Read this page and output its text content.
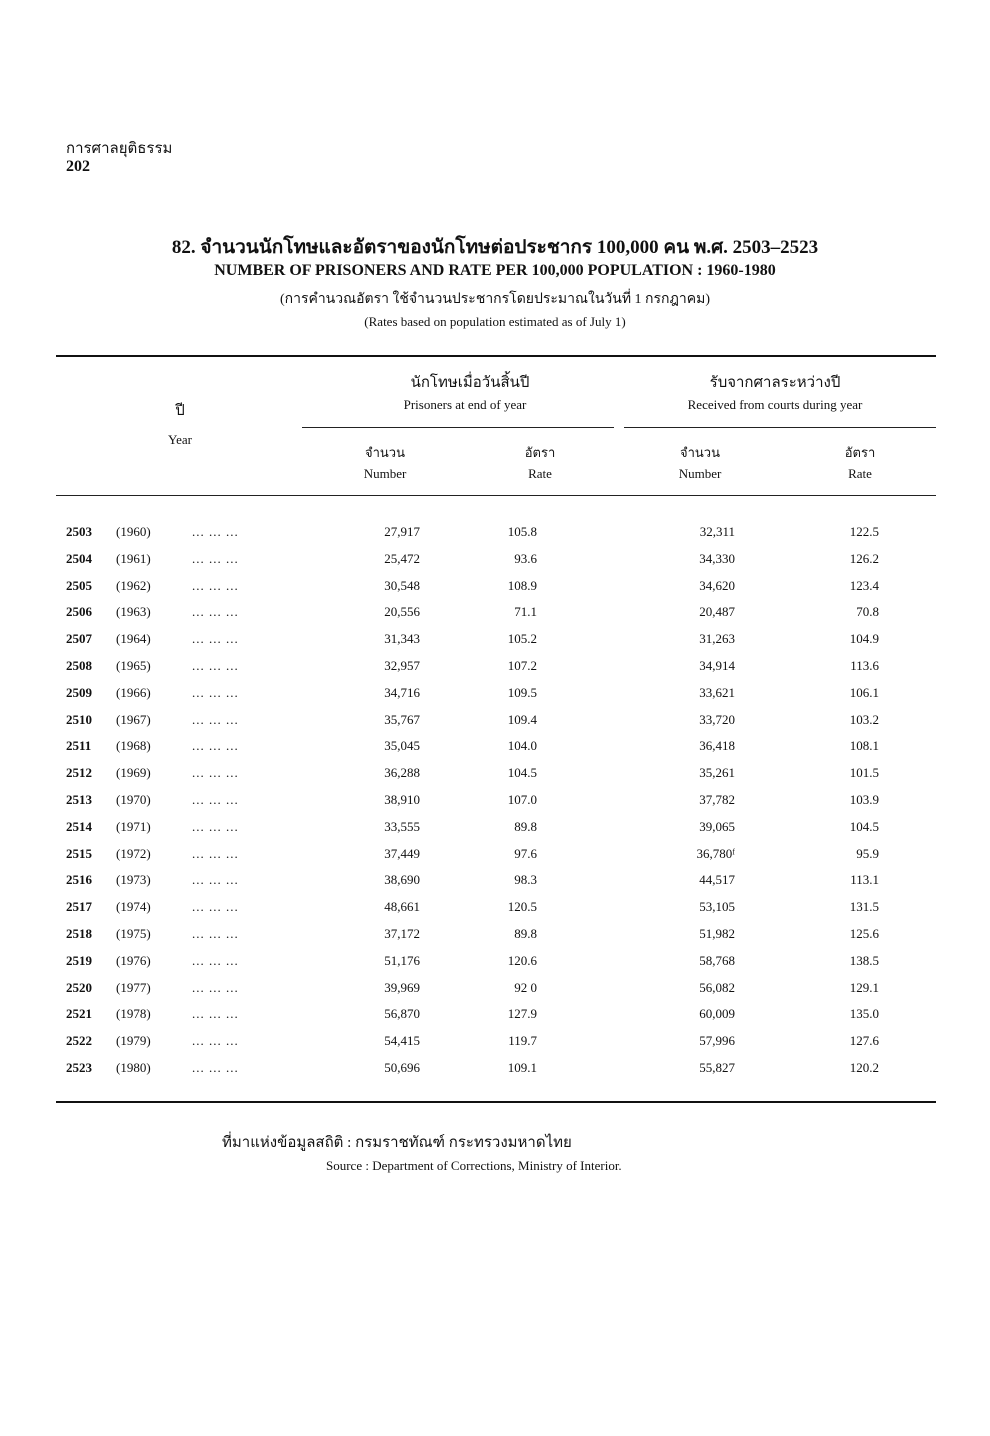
การศาลยุติธรรม
202
82. จำนวนนักโทษและอัตราของนักโทษต่อประชากร 100,000 คน พ.ศ. 2503–2523
NUMBER OF PRISONERS AND RATE PER 100,000 POPULATION : 1960-1980
(การคำนวณอัตรา ใช้จำนวนประชากรโดยประมาณในวันที่ 1 กรกฎาคม)
(Rates based on population estimated as of July 1)
ปี
Year
นักโทษเมื่อวันสิ้นปี
Prisoners at end of year
รับจากศาลระหว่างปี
Received from courts during year
จำนวน
Number
อัตรา
Rate
จำนวน
Number
อัตรา
Rate
2503 (1960)	... ... ...	27,917	105.8	32,311	122.5
2504 (1961)	... ... ...	25,472	93.6	34,330	126.2
2505 (1962)	... ... ...	30,548	108.9	34,620	123.4
2506 (1963)	... ... ...	20,556	71.1	20,487	70.8
2507 (1964)	... ... ...	31,343	105.2	31,263	104.9
2508 (1965)	... ... ...	32,957	107.2	34,914	113.6
2509 (1966)	... ... ...	34,716	109.5	33,621	106.1
2510 (1967)	... ... ...	35,767	109.4	33,720	103.2
2511 (1968)	... ... ...	35,045	104.0	36,418	108.1
2512 (1969)	... ... ...	36,288	104.5	35,261	101.5
2513 (1970)	... ... ...	38,910	107.0	37,782	103.9
2514 (1971)	... ... ...	33,555	89.8	39,065	104.5
2515 (1972)	... ... ...	37,449	97.6	36,780ᶠ	95.9
2516 (1973)	... ... ...	38,690	98.3	44,517	113.1
2517 (1974)	... ... ...	48,661	120.5	53,105	131.5
2518 (1975)	... ... ...	37,172	89.8	51,982	125.6
2519 (1976)	... ... ...	51,176	120.6	58,768	138.5
2520 (1977)	... ... ...	39,969	92 0	56,082	129.1
2521 (1978)	... ... ...	56,870	127.9	60,009	135.0
2522 (1979)	... ... ...	54,415	119.7	57,996	127.6
2523 (1980)	... ... ...	50,696	109.1	55,827	120.2
ที่มาแห่งข้อมูลสถิติ : กรมราชทัณฑ์ กระทรวงมหาดไทย
Source : Department of Corrections, Ministry of Interior.
